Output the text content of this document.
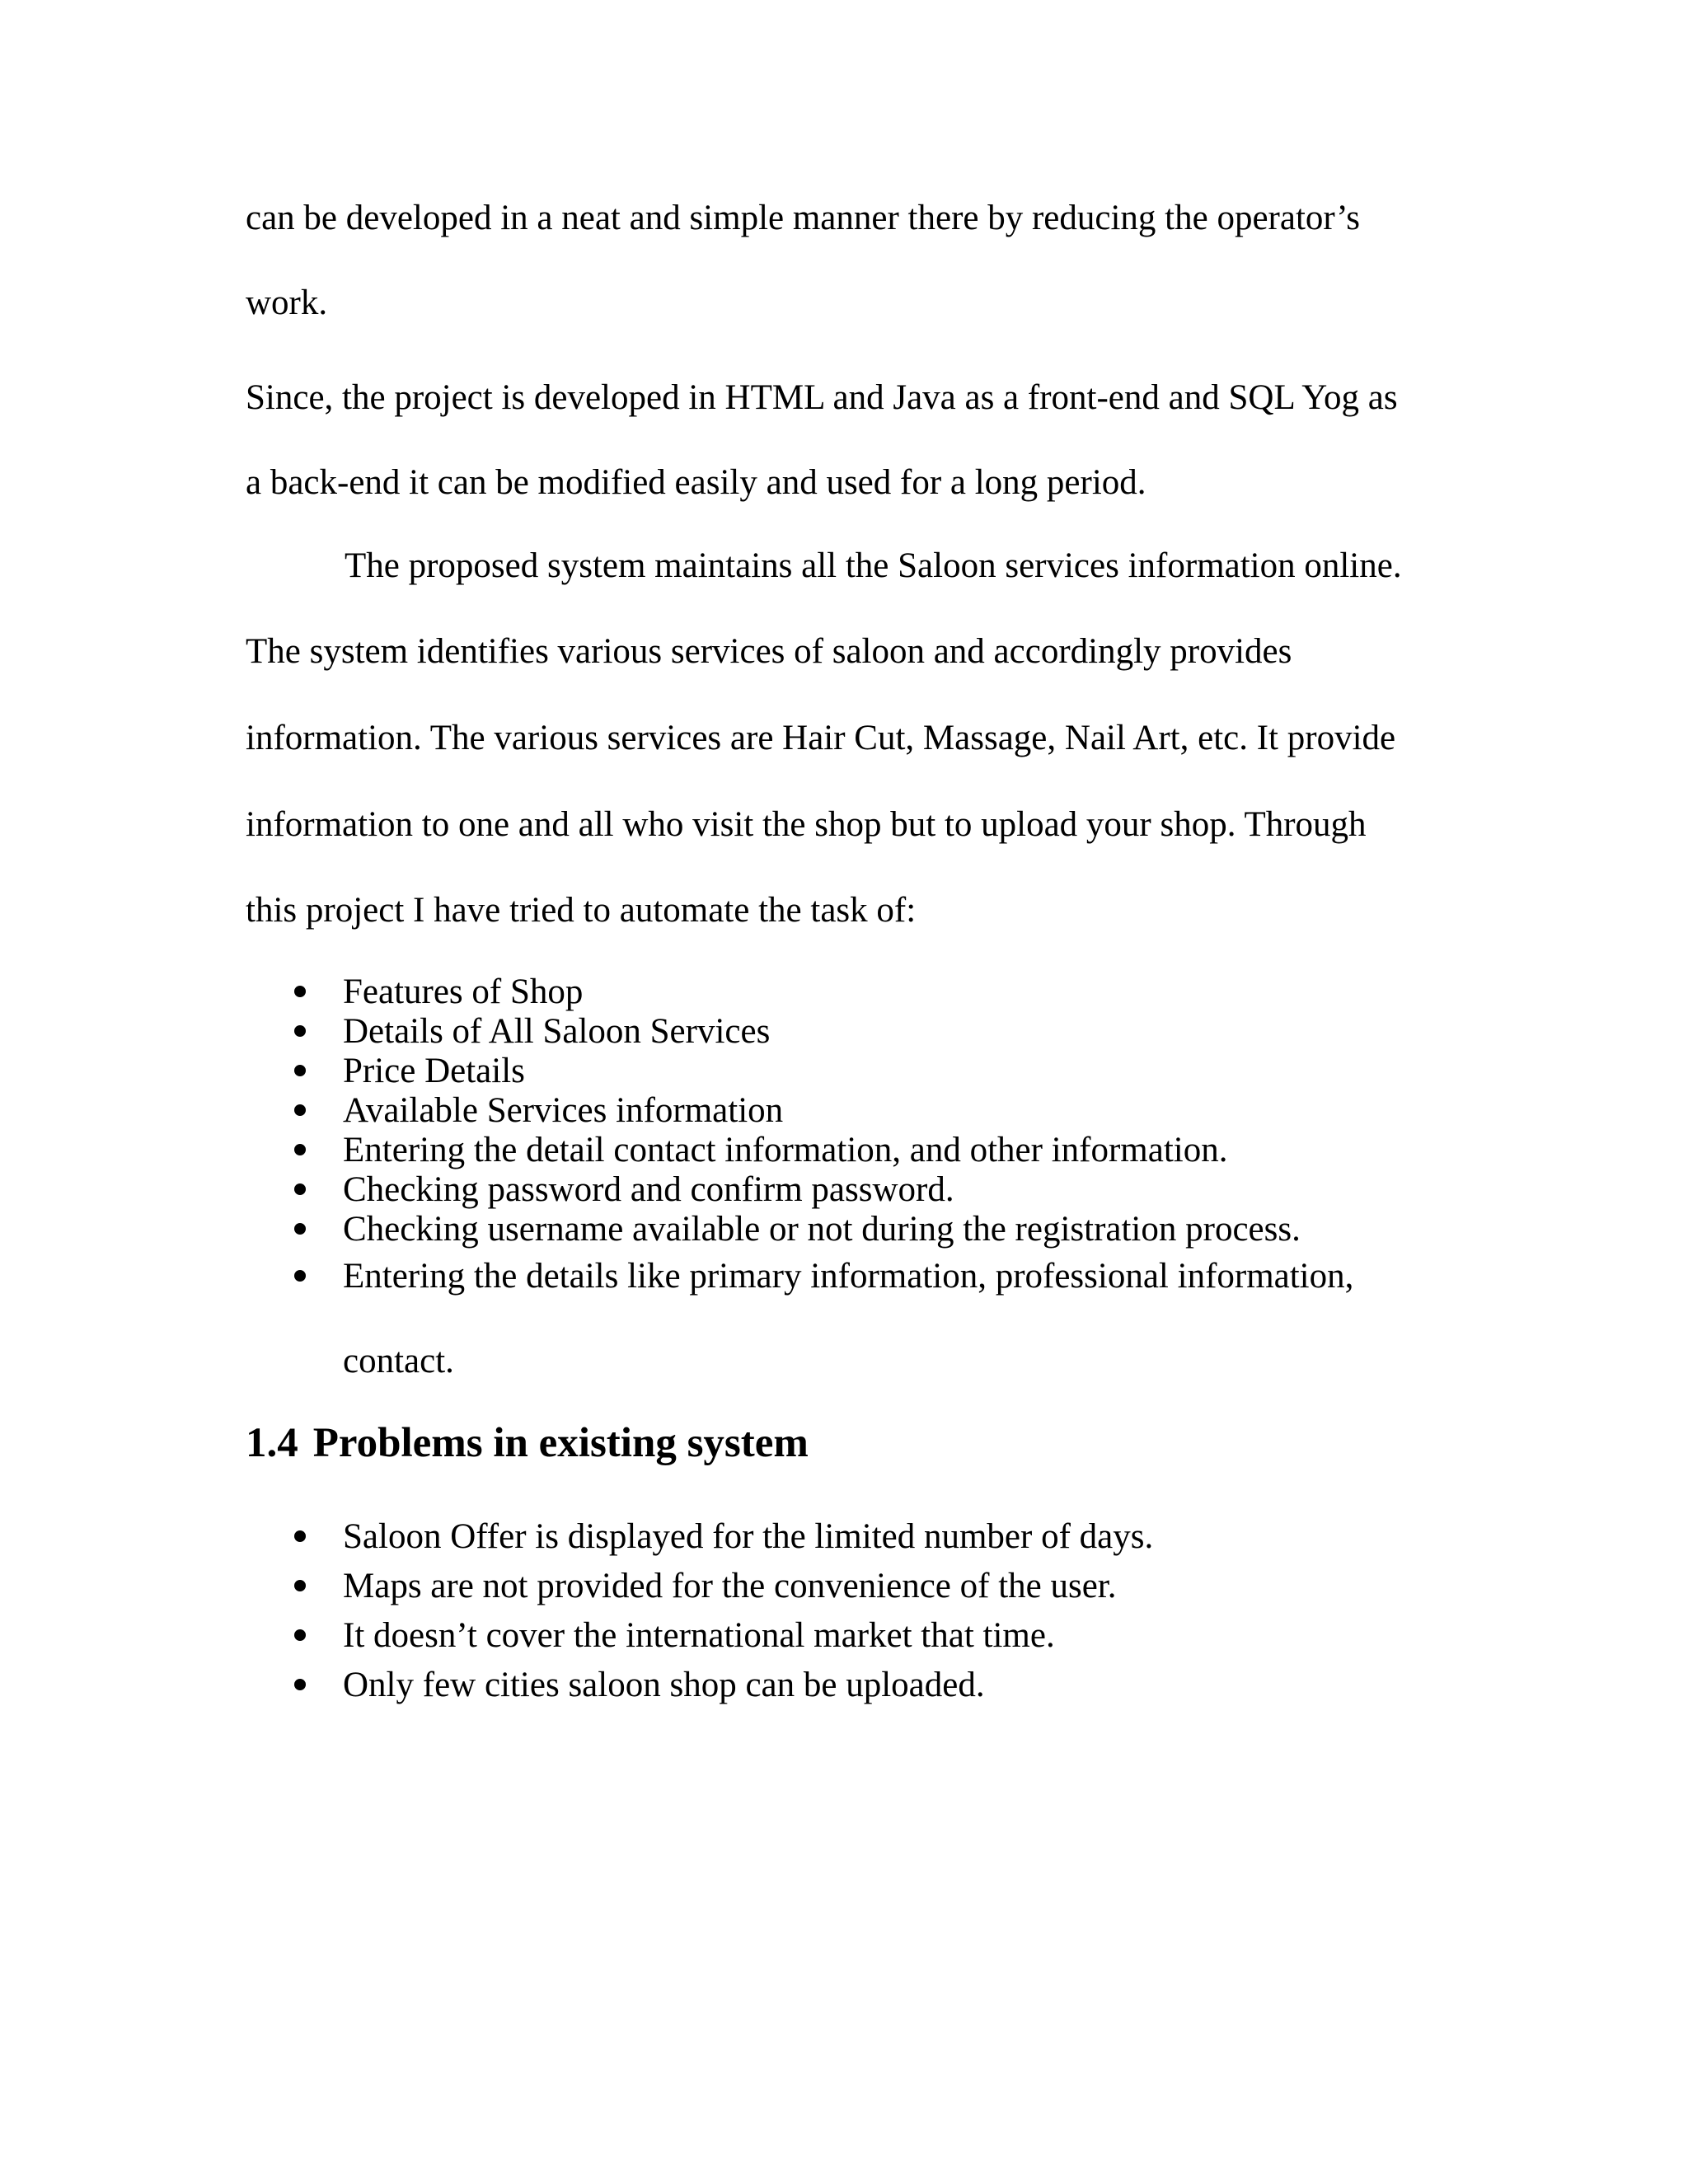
can be developed in a neat and simple manner there by reducing the operator’s
work.
Since, the project is developed in HTML and Java as a front-end and SQL Yog as
a back-end it can be modified easily and used for a long period.
The proposed system maintains all the Saloon services information online.
The system identifies various services of saloon and accordingly provides
information. The various services are Hair Cut, Massage, Nail Art, etc. It provide
information to one and all who visit the shop but to upload your shop. Through
this project I have tried to automate the task of:
Features of Shop
Details of All Saloon Services
Price Details
Available Services information
Entering the detail contact information, and other information.
Checking password and confirm password.
Checking username available or not during the registration process.
Entering the details like primary information, professional information,
contact.
1.4 Problems in existing system
Saloon Offer is displayed for the limited number of days.
Maps are not provided for the convenience of the user.
It doesn’t cover the international market that time.
Only few cities saloon shop can be uploaded.
